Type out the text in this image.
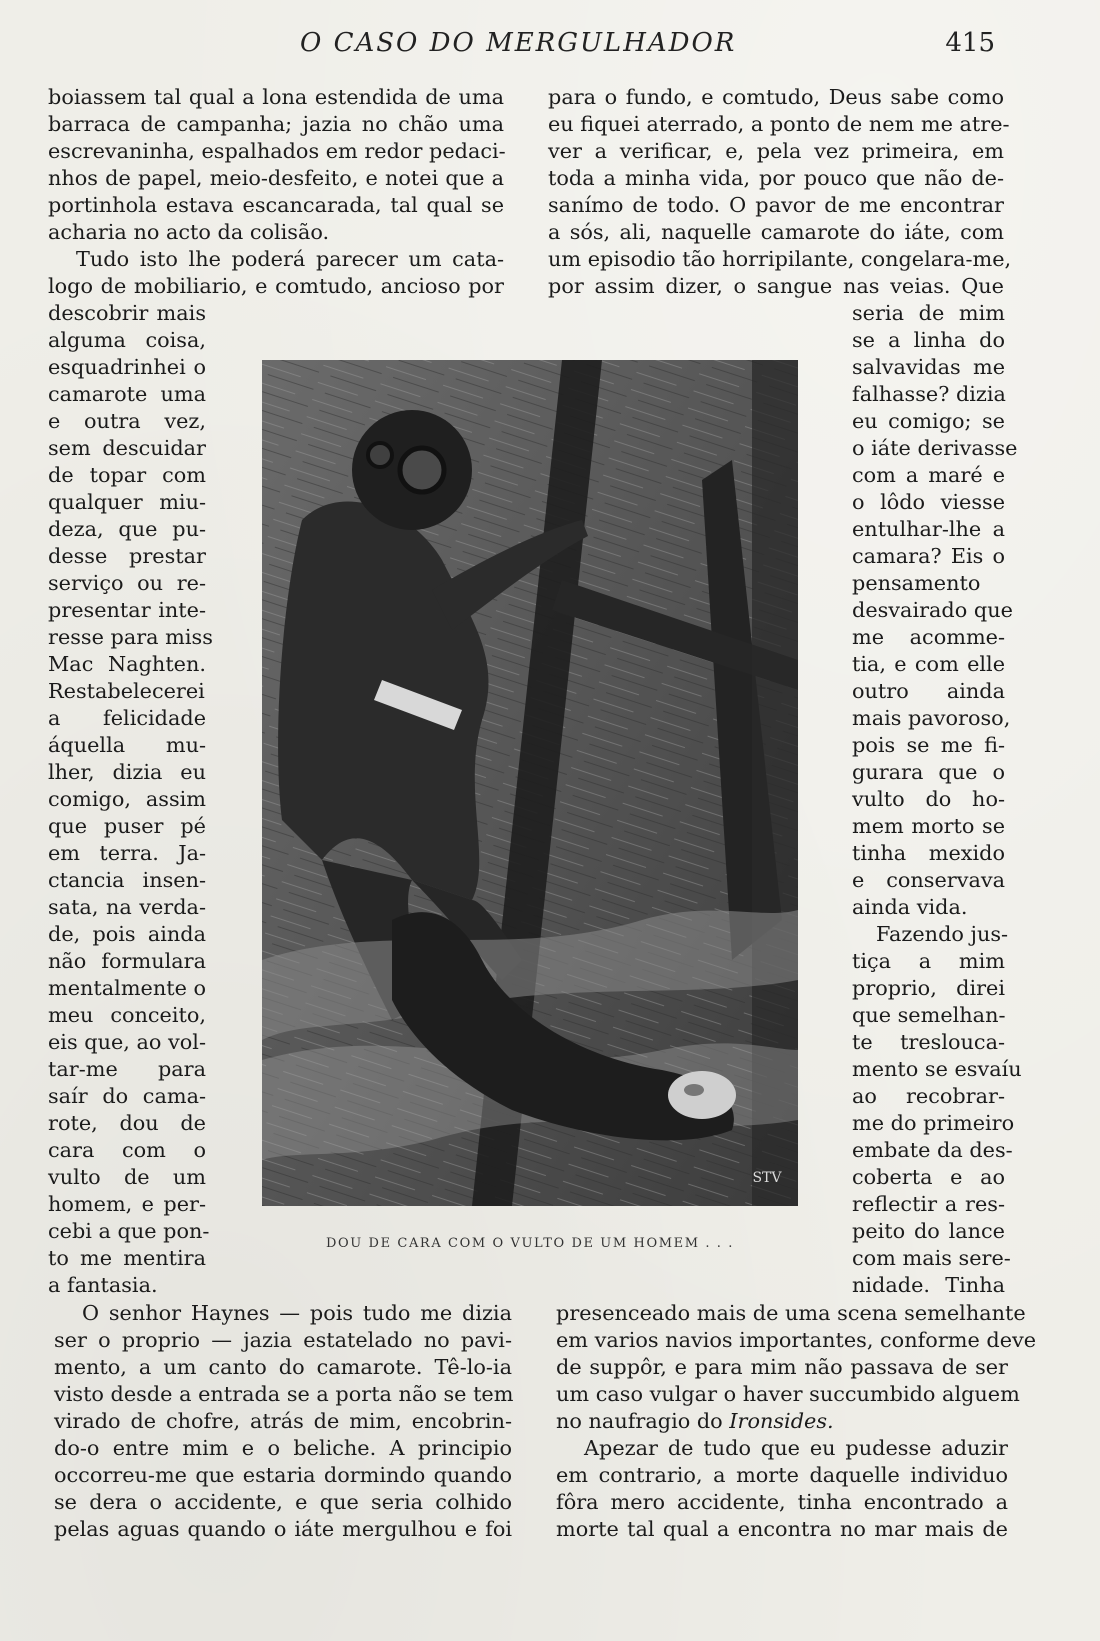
O CASO DO MERGULHADOR	415
boiassem tal qual a lona estendida de uma
barraca de campanha; jazia no chão uma
escrevaninha, espalhados em redor pedaci-
nhos de papel, meio-desfeito, e notei que a
portinhola estava escancarada, tal qual se
acharia no acto da colisão.
Tudo isto lhe poderá parecer um cata-
logo de mobiliario, e comtudo, ancioso por
descobrir mais
alguma coisa,
esquadrinhei o
camarote uma
e outra vez,
sem descuidar
de topar com
qualquer miu-
deza, que pu-
desse prestar
serviço ou re-
presentar inte-
resse para miss
Mac Naghten.
Restabelecerei
a felicidade
áquella mu-
lher, dizia eu
comigo, assim
que puser pé
em terra. Ja-
ctancia insen-
sata, na verda-
de, pois ainda
não formulara
mentalmente o
meu conceito,
eis que, ao vol-
tar-me para
saír do cama-
rote, dou de
cara com o
vulto de um
homem, e per-
cebi a que pon-
to me mentira
a fantasia.
O senhor Haynes — pois tudo me dizia
ser o proprio — jazia estatelado no pavi-
mento, a um canto do camarote. Tê-lo-ia
visto desde a entrada se a porta não se tem
virado de chofre, atrás de mim, encobrin-
do-o entre mim e o beliche. A principio
occorreu-me que estaria dormindo quando
se dera o accidente, e que seria colhido
pelas aguas quando o iáte mergulhou e foi
para o fundo, e comtudo, Deus sabe como
eu fiquei aterrado, a ponto de nem me atre-
ver a verificar, e, pela vez primeira, em
toda a minha vida, por pouco que não de-
sanímo de todo. O pavor de me encontrar
a sós, ali, naquelle camarote do iáte, com
um episodio tão horripilante, congelara-me,
por assim dizer, o sangue nas veias. Que
seria de mim
se a linha do
salvavidas me
falhasse? dizia
eu comigo; se
o iáte derivasse
com a maré e
o lôdo viesse
entulhar-lhe a
camara? Eis o
pensamento
desvairado que
me acomme-
tia, e com elle
outro ainda
mais pavoroso,
pois se me fi-
gurara que o
vulto do ho-
mem morto se
tinha mexido
e conservava
ainda vida.
Fazendo jus-
tiça a mim
proprio, direi
que semelhan-
te treslouca-
mento se esvaíu
ao recobrar-
me do primeiro
embate da des-
coberta e ao
reflectir a res-
peito do lance
com mais sere-
nidade. Tinha
presenceado mais de uma scena semelhante
em varios navios importantes, conforme deve
de suppôr, e para mim não passava de ser
um caso vulgar o haver succumbido alguem
no naufragio do Ironsides.
Apezar de tudo que eu pudesse aduzir
em contrario, a morte daquelle individuo
fôra mero accidente, tinha encontrado a
morte tal qual a encontra no mar mais de
STV
DOU DE CARA COM O VULTO DE UM HOMEM . . .
